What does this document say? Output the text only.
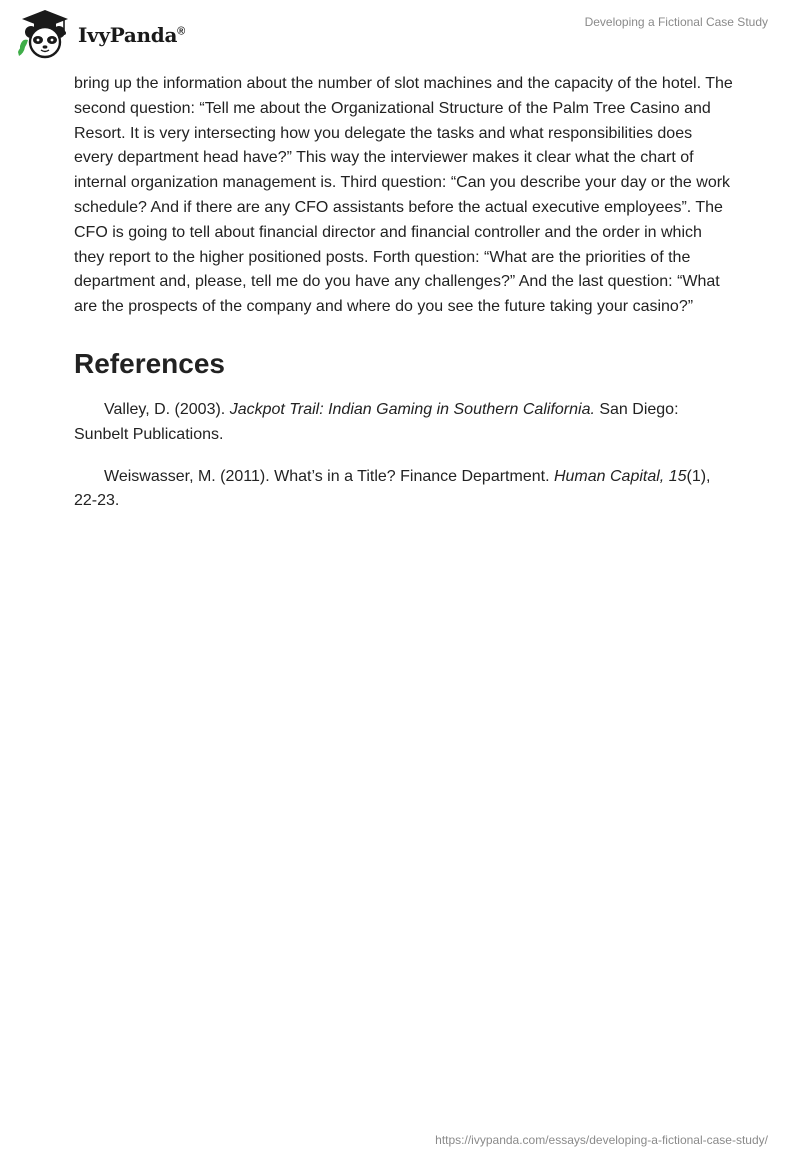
IvyPanda®
Developing a Fictional Case Study

bring up the information about the number of slot machines and the capacity of the hotel. The second question: “Tell me about the Organizational Structure of the Palm Tree Casino and Resort. It is very intersecting how you delegate the tasks and what responsibilities does every department head have?” This way the interviewer makes it clear what the chart of internal organization management is. Third question: “Can you describe your day or the work schedule? And if there are any CFO assistants before the actual executive employees”. The CFO is going to tell about financial director and financial controller and the order in which they report to the higher positioned posts. Forth question: “What are the priorities of the department and, please, tell me do you have any challenges?” And the last question: “What are the prospects of the company and where do you see the future taking your casino?”

References

Valley, D. (2003). Jackpot Trail: Indian Gaming in Southern California. San Diego: Sunbelt Publications.

Weiswasser, M. (2011). What’s in a Title? Finance Department. Human Capital, 15(1), 22-23.

https://ivypanda.com/essays/developing-a-fictional-case-study/
